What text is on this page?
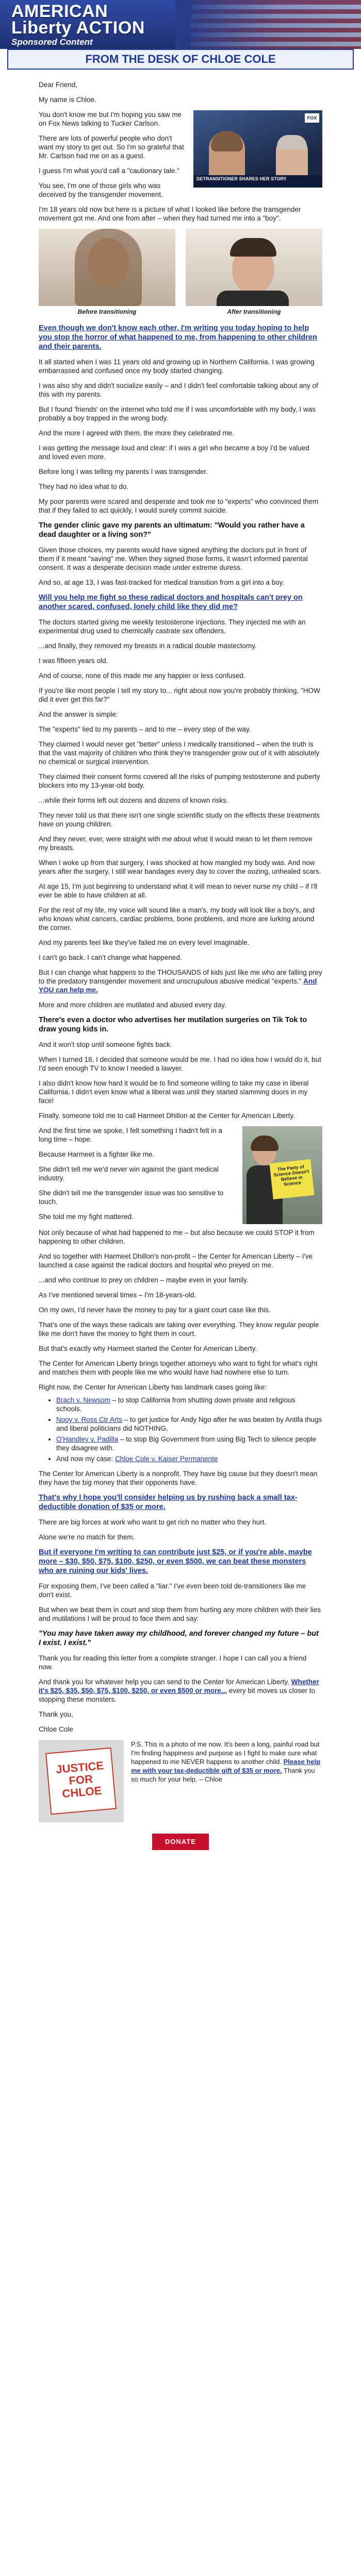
AMERICAN
Liberty ACTION
Sponsored Content
FROM THE DESK OF CHLOE COLE

Dear Friend,

My name is Chloe.

FOX
DETRANSITIONER SHARES HER STORY

You don't know me but I'm hoping you saw me on Fox News talking to Tucker Carlson.

There are lots of powerful people who don't want my story to get out. So I'm so grateful that Mr. Carlson had me on as a guest.

I guess I'm what you'd call a "cautionary tale."

You see, I'm one of those girls who was deceived by the transgender movement.

I'm 18 years old now but here is a picture of what I looked like before the transgender movement got me. And one from after – when they had turned me into a "boy".

Before transitioning	After transitioning

Even though we don't know each other, I'm writing you today hoping to help you stop the horror of what happened to me, from happening to other children and their parents.

It all started when I was 11 years old and growing up in Northern California. I was growing embarrassed and confused once my body started changing.

I was also shy and didn't socialize easily – and I didn't feel comfortable talking about any of this with my parents.

But I found 'friends' on the internet who told me if I was uncomfortable with my body, I was probably a boy trapped in the wrong body.

And the more I agreed with them, the more they celebrated me.

I was getting the message loud and clear: if I was a girl who became a boy I'd be valued and loved even more.

Before long I was telling my parents I was transgender.

They had no idea what to do.

My poor parents were scared and desperate and took me to "experts" who convinced them that if they failed to act quickly, I would surely commit suicide.

The gender clinic gave my parents an ultimatum: "Would you rather have a dead daughter or a living son?"

Given those choices, my parents would have signed anything the doctors put in front of them if it meant "saving" me. When they signed those forms, it wasn't informed parental consent. It was a desperate decision made under extreme duress.

And so, at age 13, I was fast-tracked for medical transition from a girl into a boy.

Will you help me fight so these radical doctors and hospitals can't prey on another scared, confused, lonely child like they did me?

The doctors started giving me weekly testosterone injections. They injected me with an experimental drug used to chemically castrate sex offenders.

...and finally, they removed my breasts in a radical double mastectomy.

I was fifteen years old.

And of course, none of this made me any happier or less confused.

If you're like most people I tell my story to... right about now you're probably thinking, "HOW did it ever get this far?"

And the answer is simple:

The "experts" lied to my parents – and to me – every step of the way.

They claimed I would never get "better" unless I medically transitioned – when the truth is that the vast majority of children who think they're transgender grow out of it with absolutely no chemical or surgical intervention.

They claimed their consent forms covered all the risks of pumping testosterone and puberty blockers into my 13-year-old body.

...while their forms left out dozens and dozens of known risks.

They never told us that there isn't one single scientific study on the effects these treatments have on young children.

And they never, ever, were straight with me about what it would mean to let them remove my breasts.

When I woke up from that surgery, I was shocked at how mangled my body was. And now years after the surgery, I still wear bandages every day to cover the oozing, unhealed scars.

At age 15, I'm just beginning to understand what it will mean to never nurse my child – if I'll ever be able to have children at all.

For the rest of my life, my voice will sound like a man's, my body will look like a boy's, and who knows what cancers, cardiac problems, bone problems, and more are lurking around the corner.

And my parents feel like they've failed me on every level imaginable.

I can't go back. I can't change what happened.

But I can change what happens to the THOUSANDS of kids just like me who are falling prey to the predatory transgender movement and unscrupulous abusive medical "experts." And YOU can help me.

More and more children are mutilated and abused every day.

There's even a doctor who advertises her mutilation surgeries on Tik Tok to draw young kids in.

And it won't stop until someone fights back.

When I turned 18, I decided that someone would be me. I had no idea how I would do it, but I'd seen enough TV to know I needed a lawyer.

I also didn't know how hard it would be to find someone willing to take my case in liberal California. I didn't even know what a liberal was until they started slamming doors in my face!

Finally, someone told me to call Harmeet Dhillon at the Center for American Liberty.

The Party of Science Doesn't Believe in Science

And the first time we spoke, I felt something I hadn't felt in a long time – hope.

Because Harmeet is a fighter like me.

She didn't tell me we'd never win against the giant medical industry.

She didn't tell me the transgender issue was too sensitive to touch.

She told me my fight mattered.

Not only because of what had happened to me – but also because we could STOP it from happening to other children.

And so together with Harmeet Dhillon's non-profit – the Center for American Liberty – I've launched a case against the radical doctors and hospital who preyed on me.

...and who continue to prey on children – maybe even in your family.

As I've mentioned several times – I'm 18-years-old.

On my own, I'd never have the money to pay for a giant court case like this.

That's one of the ways these radicals are taking over everything. They know regular people like me don't have the money to fight them in court.

But that's exactly why Harmeet started the Center for American Liberty.

The Center for American Liberty brings together attorneys who want to fight for what's right and matches them with people like me who would have had nowhere else to turn.

Right now, the Center for American Liberty has landmark cases going like:

• Brach v. Newsom – to stop California from shutting down private and religious schools.
• Nooy v. Ross Ctr Arts – to get justice for Andy Ngo after he was beaten by Antifa thugs and liberal politicians did NOTHING.
• O'Handley v. Padilla – to stop Big Government from using Big Tech to silence people they disagree with.
• And now my case: Chloe Cole v. Kaiser Permanente

The Center for American Liberty is a nonprofit. They have big cause but they doesn't mean they have the big money that their opponents have.

That's why I hope you'll consider helping us by rushing back a small tax-deductible donation of $35 or more.

There are big forces at work who want to get rich no matter who they hurt.

Alone we're no match for them.

But if everyone I'm writing to can contribute just $25, or if you're able, maybe more – $30, $50, $75, $100, $250, or even $500, we can beat these monsters who are ruining our kids' lives.

For exposing them, I've been called a "liar." I've even been told de-transitioners like me don't exist.

But when we beat them in court and stop them from hurting any more children with their lies and mutilations I will be proud to face them and say:

"You may have taken away my childhood, and forever changed my future – but I exist. I exist."

Thank you for reading this letter from a complete stranger. I hope I can call you a friend now.

And thank you for whatever help you can send to the Center for American Liberty. Whether it's $25, $35, $50, $75, $100, $250, or even $500 or more... every bit moves us closer to stopping these monsters.

Thank you,

Chloe Cole

JUSTICE FOR CHLOE
P.S. This is a photo of me now. It's been a long, painful road but I'm finding happiness and purpose as I fight to make sure what happened to me NEVER happens to another child. Please help me with your tax-deductible gift of $35 or more. Thank you so much for your help. – Chloe
DONATE
